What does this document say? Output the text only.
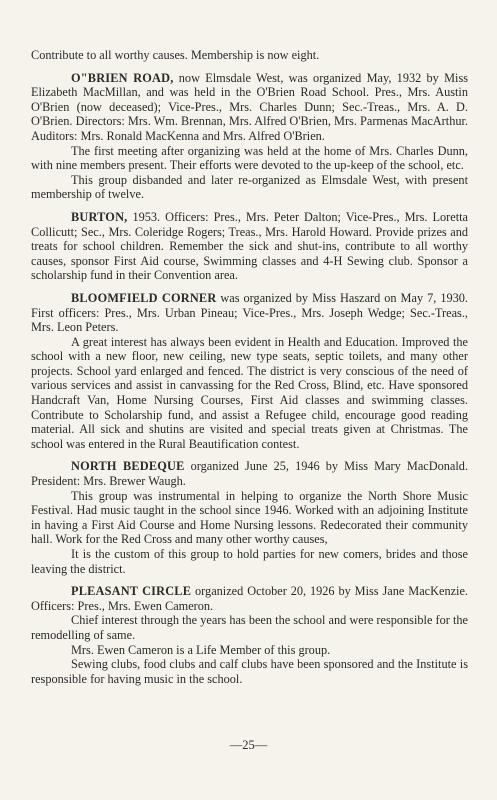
Contribute to all worthy causes. Membership is now eight.

O"BRIEN ROAD, now Elmsdale West, was organized May, 1932 by Miss Elizabeth MacMillan, and was held in the O'Brien Road School. Pres., Mrs. Austin O'Brien (now deceased); Vice-Pres., Mrs. Charles Dunn; Sec.-Treas., Mrs. A. D. O'Brien. Directors: Mrs. Wm. Brennan, Mrs. Alfred O'Brien, Mrs. Parmenas MacArthur. Auditors: Mrs. Ronald MacKenna and Mrs. Alfred O'Brien.

The first meeting after organizing was held at the home of Mrs. Charles Dunn, with nine members present. Their efforts were devoted to the up-keep of the school, etc.

This group disbanded and later re-organized as Elmsdale West, with present membership of twelve.

BURTON, 1953. Officers: Pres., Mrs. Peter Dalton; Vice-Pres., Mrs. Loretta Collicutt; Sec., Mrs. Coleridge Rogers; Treas., Mrs. Harold Howard. Provide prizes and treats for school children. Remember the sick and shut-ins, contribute to all worthy causes, sponsor First Aid course, Swimming classes and 4-H Sewing club. Sponsor a scholarship fund in their Convention area.

BLOOMFIELD CORNER was organized by Miss Haszard on May 7, 1930. First officers: Pres., Mrs. Urban Pineau; Vice-Pres., Mrs. Joseph Wedge; Sec.-Treas., Mrs. Leon Peters.

A great interest has always been evident in Health and Education. Improved the school with a new floor, new ceiling, new type seats, septic toilets, and many other projects. School yard enlarged and fenced. The district is very conscious of the need of various services and assist in canvassing for the Red Cross, Blind, etc. Have sponsored Handcraft Van, Home Nursing Courses, First Aid classes and swimming classes. Contribute to Scholarship fund, and assist a Refugee child, encourage good reading material. All sick and shutins are visited and special treats given at Christmas. The school was entered in the Rural Beautification contest.

NORTH BEDEQUE organized June 25, 1946 by Miss Mary MacDonald. President: Mrs. Brewer Waugh.

This group was instrumental in helping to organize the North Shore Music Festival. Had music taught in the school since 1946. Worked with an adjoining Institute in having a First Aid Course and Home Nursing lessons. Redecorated their community hall. Work for the Red Cross and many other worthy causes,

It is the custom of this group to hold parties for new comers, brides and those leaving the district.

PLEASANT CIRCLE organized October 20, 1926 by Miss Jane MacKenzie. Officers: Pres., Mrs. Ewen Cameron.

Chief interest through the years has been the school and were responsible for the remodelling of same.

Mrs. Ewen Cameron is a Life Member of this group.

Sewing clubs, food clubs and calf clubs have been sponsored and the Institute is responsible for having music in the school.

—25—
